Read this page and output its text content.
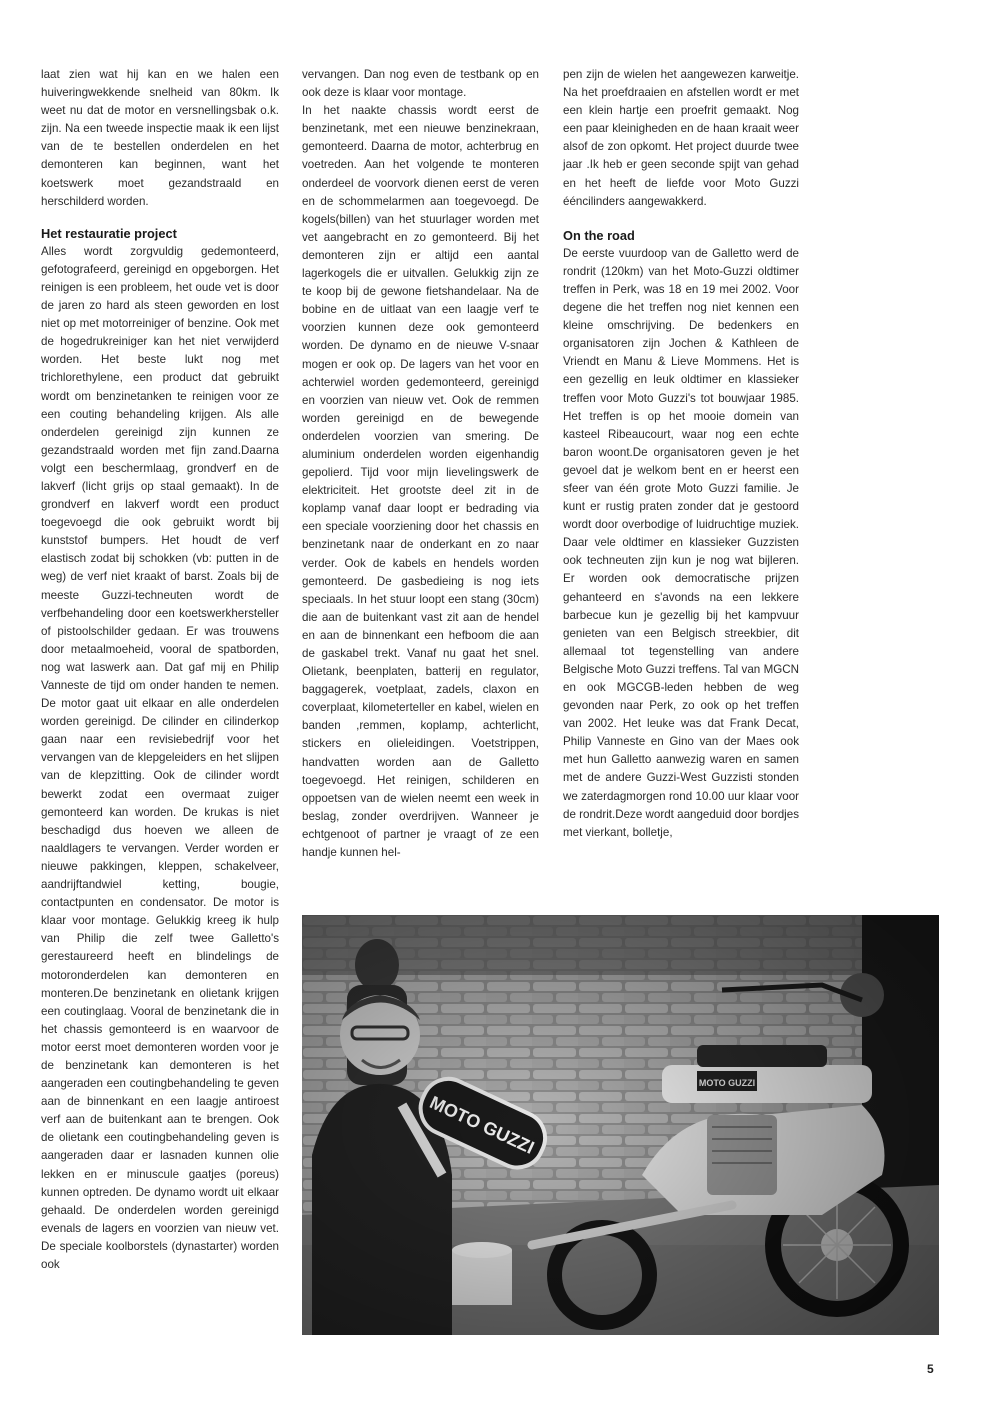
laat zien wat hij kan en we halen een huiveringwekkende snelheid van 80km. Ik weet nu dat de motor en versnellingsbak o.k. zijn. Na een tweede inspectie maak ik een lijst van de te bestellen onderdelen en het demonteren kan beginnen, want het koetswerk moet gezandstraald en herschilderd worden.

Het restauratie project

Alles wordt zorgvuldig gedemonteerd, gefotografeerd, gereinigd en opgeborgen. Het reinigen is een probleem, het oude vet is door de jaren zo hard als steen geworden en lost niet op met motorreiniger of benzine. Ook met de hogedrukreiniger kan het niet verwijderd worden. Het beste lukt nog met trichlorethylene, een product dat gebruikt wordt om benzinetanken te reinigen voor ze een couting behandeling krijgen. Als alle onderdelen gereinigd zijn kunnen ze gezandstraald worden met fijn zand.Daarna volgt een beschermlaag, grondverf en de lakverf (licht grijs op staal gemaakt). In de grondverf en lakverf wordt een product toegevoegd die ook gebruikt wordt bij kunststof bumpers. Het houdt de verf elastisch zodat bij schokken (vb: putten in de weg) de verf niet kraakt of barst. Zoals bij de meeste Guzzi-techneuten wordt de verfbehandeling door een koetswerkhersteller of pistoolschilder gedaan. Er was trouwens door metaalmoeheid, vooral de spatborden, nog wat laswerk aan. Dat gaf mij en Philip Vanneste de tijd om onder handen te nemen. De motor gaat uit elkaar en alle onderdelen worden gereinigd. De cilinder en cilinderkop gaan naar een revisiebedrijf voor het vervangen van de klepgeleiders en het slijpen van de klepzitting. Ook de cilinder wordt bewerkt zodat een overmaat zuiger gemonteerd kan worden. De krukas is niet beschadigd dus hoeven we alleen de naaldlagers te vervangen. Verder worden er nieuwe pakkingen, kleppen, schakelveer, aandrijftandwiel ketting, bougie, contactpunten en condensator. De motor is klaar voor montage. Gelukkig kreeg ik hulp van Philip die zelf twee Galletto's gerestaureerd heeft en blindelings de motoronderdelen kan demonteren en monteren.De benzinetank en olietank krijgen een coutinglaag. Vooral de benzinetank die in het chassis gemonteerd is en waarvoor de motor eerst moet demonteren worden voor je de benzinetank kan demonteren is het aangeraden een coutingbehandeling te geven aan de binnenkant en een laagje antiroest verf aan de buitenkant aan te brengen. Ook de olietank een coutingbehandeling geven is aangeraden daar er lasnaden kunnen olie lekken en er minuscule gaatjes (poreus) kunnen optreden. De dynamo wordt uit elkaar gehaald. De onderdelen worden gereinigd evenals de lagers en voorzien van nieuw vet. De speciale koolborstels (dynastarter) worden ook

vervangen. Dan nog even de testbank op en ook deze is klaar voor montage.

In het naakte chassis wordt eerst de benzinetank, met een nieuwe benzinekraan, gemonteerd. Daarna de motor, achterbrug en voetreden. Aan het volgende te monteren onderdeel de voorvork dienen eerst de veren en de schommelarmen aan toegevoegd. De kogels(billen) van het stuurlager worden met vet aangebracht en zo gemonteerd. Bij het demonteren zijn er altijd een aantal lagerkogels die er uitvallen. Gelukkig zijn ze te koop bij de gewone fietshandelaar. Na de bobine en de uitlaat van een laagje verf te voorzien kunnen deze ook gemonteerd worden. De dynamo en de nieuwe V-snaar mogen er ook op. De lagers van het voor en achterwiel worden gedemonteerd, gereinigd en voorzien van nieuw vet. Ook de remmen worden gereinigd en de bewegende onderdelen voorzien van smering. De aluminium onderdelen worden eigenhandig gepolierd. Tijd voor mijn lievelingswerk de elektriciteit. Het grootste deel zit in de koplamp vanaf daar loopt er bedrading via een speciale voorziening door het chassis en benzinetank naar de onderkant en zo naar verder. Ook de kabels en hendels worden gemonteerd. De gasbedieing is nog iets speciaals. In het stuur loopt een stang (30cm) die aan de buitenkant vast zit aan de hendel en aan de binnenkant een hefboom die aan de gaskabel trekt. Vanaf nu gaat het snel. Olietank, beenplaten, batterij en regulator, baggagerek, voetplaat, zadels, claxon en coverplaat, kilometerteller en kabel, wielen en banden ,remmen, koplamp, achterlicht, stickers en olieleidingen. Voetstrippen, handvatten worden aan de Galletto toegevoegd. Het reinigen, schilderen en oppoetsen van de wielen neemt een week in beslag, zonder overdrijven. Wanneer je echtgenoot of partner je vraagt of ze een handje kunnen hel-

pen zijn de wielen het aangewezen karweitje. Na het proefdraaien en afstellen wordt er met een klein hartje een proefrit gemaakt. Nog een paar kleinigheden en de haan kraait weer alsof de zon opkomt. Het project duurde twee jaar .Ik heb er geen seconde spijt van gehad en het heeft de liefde voor Moto Guzzi ééncilinders aangewakkerd.

On the road

De eerste vuurdoop van de Galletto werd de rondrit (120km) van het Moto-Guzzi oldtimer treffen in Perk, was 18 en 19 mei 2002. Voor degene die het treffen nog niet kennen een kleine omschrijving. De bedenkers en organisatoren zijn Jochen & Kathleen de Vriendt en Manu & Lieve Mommens. Het is een gezellig en leuk oldtimer en klassieker treffen voor Moto Guzzi's tot bouwjaar 1985. Het treffen is op het mooie domein van kasteel Ribeaucourt, waar nog een echte baron woont.De organisatoren geven je het gevoel dat je welkom bent en er heerst een sfeer van één grote Moto Guzzi familie. Je kunt er rustig praten zonder dat je gestoord wordt door overbodige of luidruchtige muziek. Daar vele oldtimer en klassieker Guzzisten ook techneuten zijn kun je nog wat bijleren. Er worden ook democratische prijzen gehanteerd en s'avonds na een lekkere barbecue kun je gezellig bij het kampvuur genieten van een Belgisch streekbier, dit allemaal tot tegenstelling van andere Belgische Moto Guzzi treffens. Tal van MGCN en ook MGCGB-leden hebben de weg gevonden naar Perk, zo ook op het treffen van 2002. Het leuke was dat Frank Decat, Philip Vanneste en Gino van der Maes ook met hun Galletto aanwezig waren en samen met de andere Guzzi-West Guzzisti stonden we zaterdagmorgen rond 10.00 uur klaar voor de rondrit.Deze wordt aangeduid door bordjes met vierkant, bolletje,

5
